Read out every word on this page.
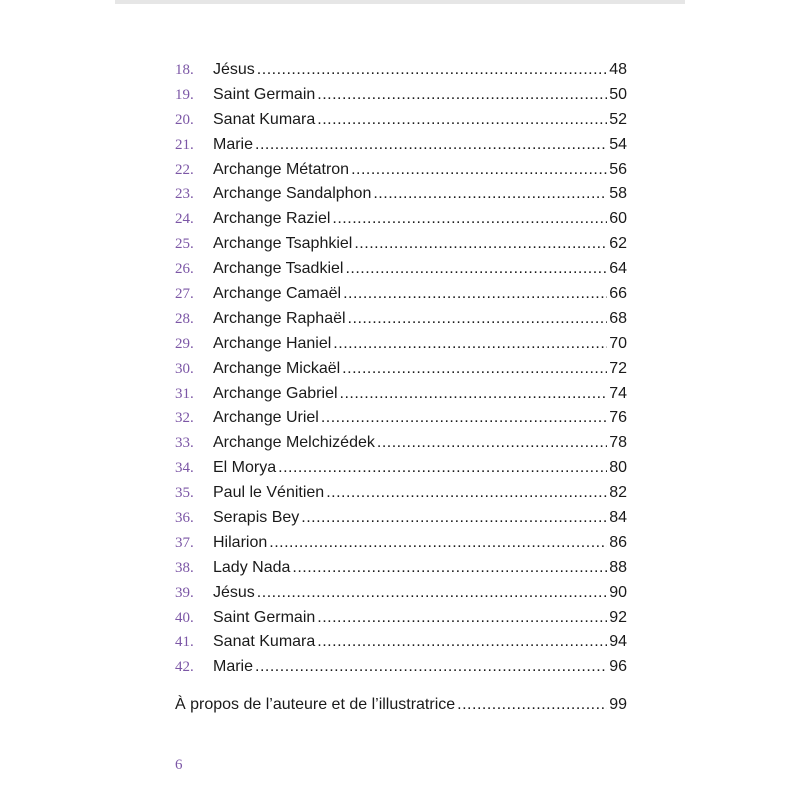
18.	Jésus .....	48
19.	Saint Germain .....	50
20.	Sanat Kumara .....	52
21.	Marie .....	54
22.	Archange Métatron .....	56
23.	Archange Sandalphon .....	58
24.	Archange Raziel .....	60
25.	Archange Tsaphkiel .....	62
26.	Archange Tsadkiel .....	64
27.	Archange Camaël .....	66
28.	Archange Raphaël .....	68
29.	Archange Haniel .....	70
30.	Archange Mickaël .....	72
31.	Archange Gabriel .....	74
32.	Archange Uriel .....	76
33.	Archange Melchizédek .....	78
34.	El Morya .....	80
35.	Paul le Vénitien .....	82
36.	Serapis Bey .....	84
37.	Hilarion .....	86
38.	Lady Nada .....	88
39.	Jésus .....	90
40.	Saint Germain .....	92
41.	Sanat Kumara .....	94
42.	Marie .....	96
À propos de l’auteure et de l’illustratrice .....	99
6
